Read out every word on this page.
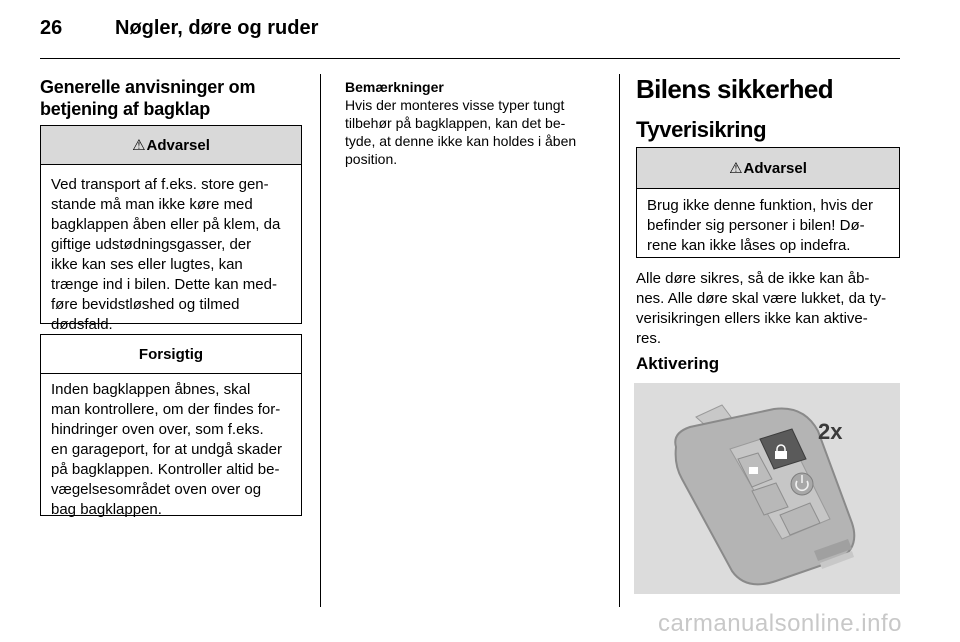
26	Nøgler, døre og ruder
Generelle anvisninger om
betjening af bagklap
⚠ Advarsel
Ved transport af f.eks. store gen-
stande må man ikke køre med
bagklappen åben eller på klem, da
giftige udstødningsgasser, der
ikke kan ses eller lugtes, kan
trænge ind i bilen. Dette kan med-
føre bevidstløshed og tilmed
dødsfald.
Forsigtig
Inden bagklappen åbnes, skal
man kontrollere, om der findes for-
hindringer oven over, som f.eks.
en garageport, for at undgå skader
på bagklappen. Kontroller altid be-
vægelsesområdet oven over og
bag bagklappen.
Bemærkninger
Hvis der monteres visse typer tungt
tilbehør på bagklappen, kan det be-
tyde, at denne ikke kan holdes i åben
position.
Bilens sikkerhed
Tyverisikring
⚠ Advarsel
Brug ikke denne funktion, hvis der
befinder sig personer i bilen! Dø-
rene kan ikke låses op indefra.
Alle døre sikres, så de ikke kan åb-
nes. Alle døre skal være lukket, da ty-
verisikringen ellers ikke kan aktive-
res.
Aktivering
2x
carmanualsonline.info
